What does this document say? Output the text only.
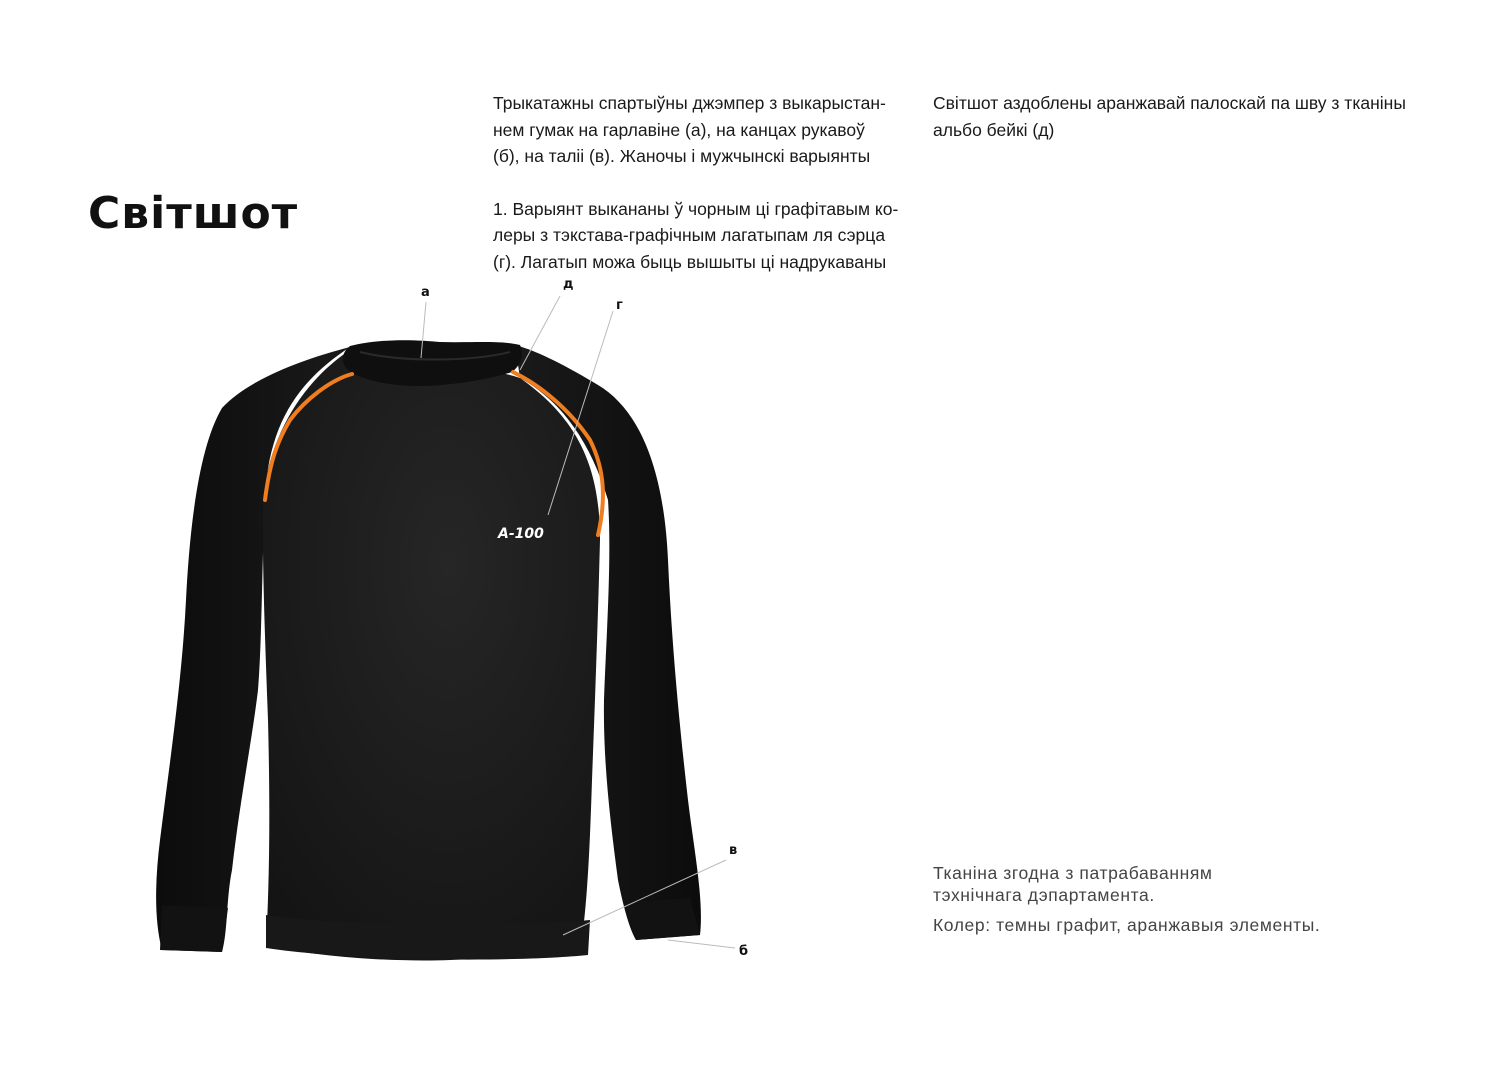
Світшот

Трыкатажны спартыўны джэмпер з выкарыстан-
нем гумак на гарлавіне (а), на канцах рукавоў
(б), на таліі (в). Жаночы і мужчынскі варыянты

1. Варыянт выкананы ў чорным ці графітавым ко-
леры з тэкстава-графічным лагатыпам ля сэрца
(г). Лагатып можа быць вышыты ці надрукаваны

Світшот аздоблены аранжавай палоскай па шву з тканіны
альбо бейкі (д)
Тканіна згодна з патрабаванням
тэхнічнага дэпартамента.
Колер: темны графит, аранжавыя элементы.
A-100
а
д
г
в
б
